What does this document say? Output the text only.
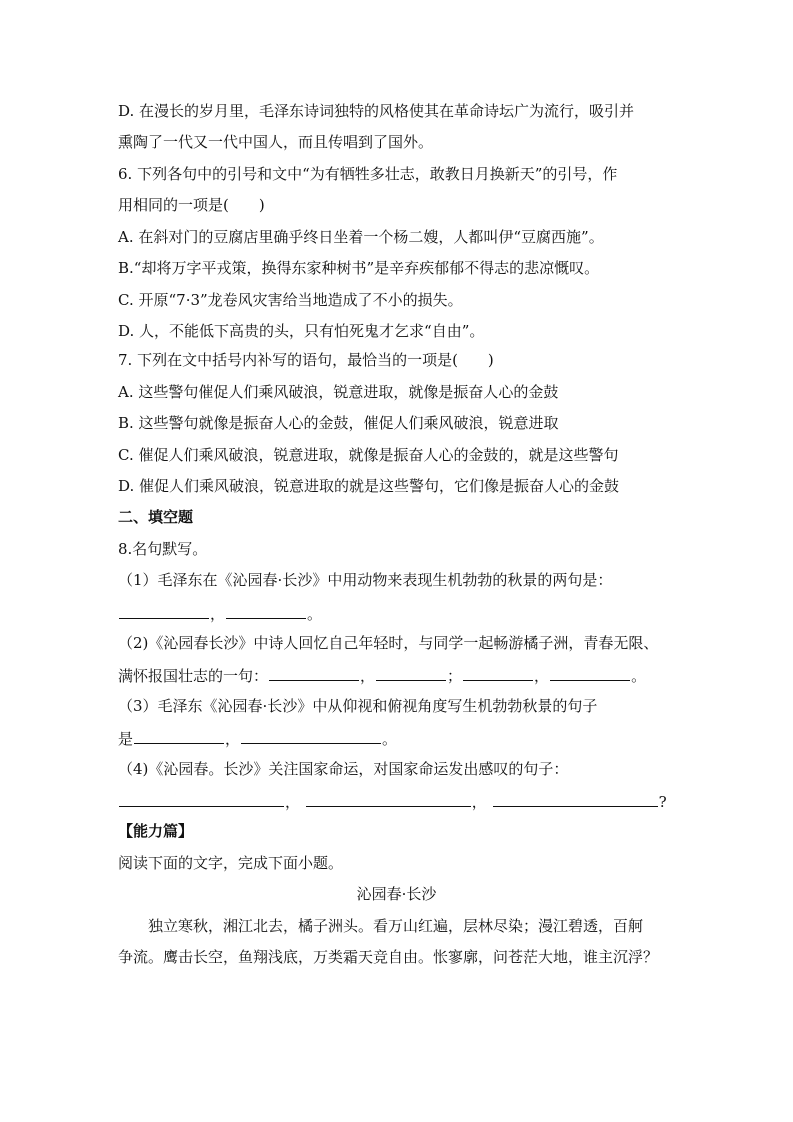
D. 在漫长的岁月里，毛泽东诗词独特的风格使其在革命诗坛广为流行，吸引并
熏陶了一代又一代中国人，而且传唱到了国外。
6. 下列各句中的引号和文中“为有牺牲多壮志，敢教日月换新天”的引号，作
用相同的一项是(　　)
A. 在斜对门的豆腐店里确乎终日坐着一个杨二嫂，人都叫伊“豆腐西施”。
B.“却将万字平戎策，换得东家种树书”是辛弃疾郁郁不得志的悲凉慨叹。
C. 开原“7·3”龙卷风灾害给当地造成了不小的损失。
D. 人，不能低下高贵的头，只有怕死鬼才乞求“自由”。
7. 下列在文中括号内补写的语句，最恰当的一项是(　　)
A. 这些警句催促人们乘风破浪，锐意进取，就像是振奋人心的金鼓
B. 这些警句就像是振奋人心的金鼓，催促人们乘风破浪，锐意进取
C. 催促人们乘风破浪，锐意进取，就像是振奋人心的金鼓的，就是这些警句
D. 催促人们乘风破浪，锐意进取的就是这些警句，它们像是振奋人心的金鼓
二、填空题
8.名句默写。
（1）毛泽东在《沁园春·长沙》中用动物来表现生机勃勃的秋景的两句是：
，	。
（2)《沁园春长沙》中诗人回忆自己年轻时，与同学一起畅游橘子洲，青春无限、
满怀报国壮志的一句：	，	；	，	。
（3）毛泽东《沁园春·长沙》中从仰视和俯视角度写生机勃勃秋景的句子
是	，	。
（4)《沁园春。长沙》关注国家命运，对国家命运发出感叹的句子：
，	，	?
【能力篇】
阅读下面的文字，完成下面小题。
沁园春·长沙
独立寒秋，湘江北去，橘子洲头。看万山红遍，层林尽染；漫江碧透，百舸
争流。鹰击长空，鱼翔浅底，万类霜天竞自由。怅寥廓，问苍茫大地，谁主沉浮？
